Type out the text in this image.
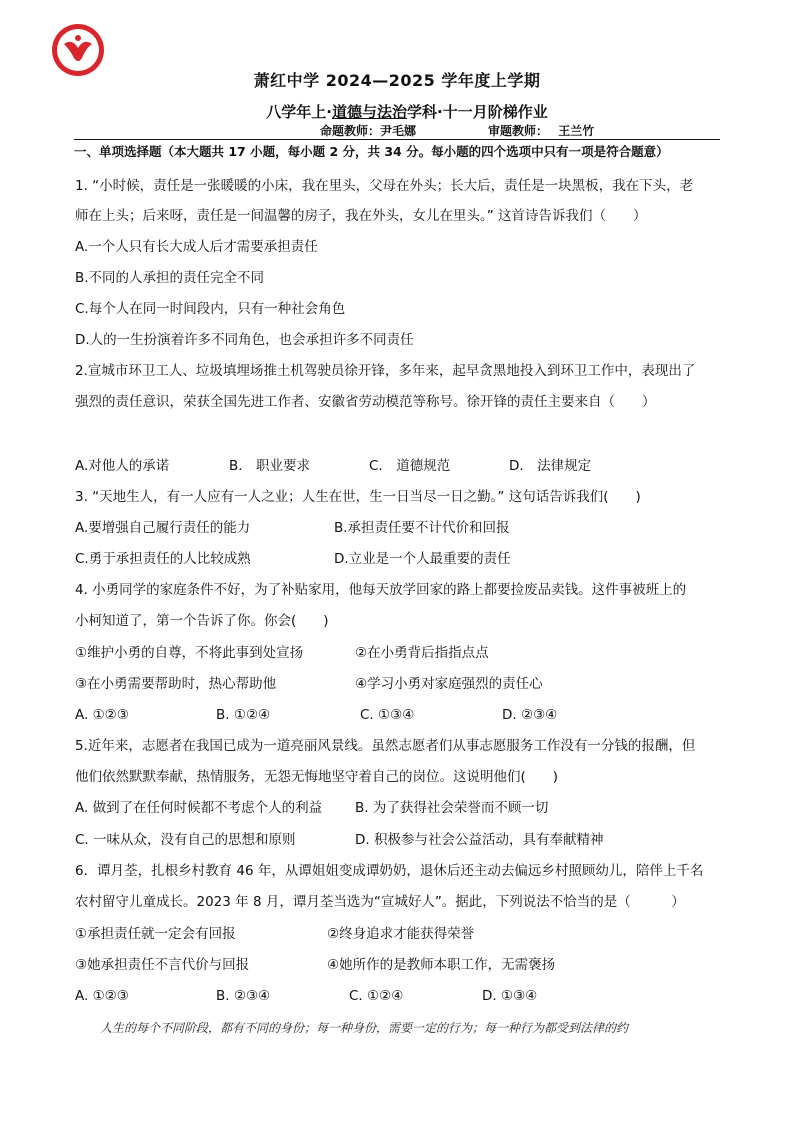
萧红中学 2024—2025 学年度上学期
八学年上·道德与法治学科·十一月阶梯作业
命题教师：尹毛娜	审题教师： 王兰竹
一、单项选择题（本大题共 17 小题，每小题 2 分，共 34 分。每小题的四个选项中只有一项是符合题意）
1. “小时候，责任是一张暖暖的小床，我在里头，父母在外头；长大后，责任是一块黑板，我在下头，老
师在上头；后来呀，责任是一间温馨的房子，我在外头，女儿在里头。” 这首诗告诉我们（　　）
A.一个人只有长大成人后才需要承担责任
B.不同的人承担的责任完全不同
C.每个人在同一时间段内，只有一种社会角色
D.人的一生扮演着许多不同角色，也会承担许多不同责任
2.宣城市环卫工人、垃圾填埋场推土机驾驶员徐开锋，多年来，起早贪黑地投入到环卫工作中，表现出了
强烈的责任意识，荣获全国先进工作者、安徽省劳动模范等称号。徐开锋的责任主要来自（　　）
A.对他人的承诺	B.　职业要求	C.　道德规范	D.　法律规定
3. “天地生人，有一人应有一人之业；人生在世，生一日当尽一日之勤。” 这句话告诉我们(　　)
A.要增强自己履行责任的能力	B.承担责任要不计代价和回报
C.勇于承担责任的人比较成熟	D.立业是一个人最重要的责任
4. 小勇同学的家庭条件不好，为了补贴家用，他每天放学回家的路上都要捡废品卖钱。这件事被班上的
小柯知道了，第一个告诉了你。你会(　　)
①维护小勇的自尊，不将此事到处宣扬	②在小勇背后指指点点
③在小勇需要帮助时，热心帮助他	④学习小勇对家庭强烈的责任心
A. ①②③	B. ①②④	C. ①③④	D. ②③④
5.近年来，志愿者在我国已成为一道亮丽风景线。虽然志愿者们从事志愿服务工作没有一分钱的报酬，但
他们依然默默奉献，热情服务，无怨无悔地坚守着自己的岗位。这说明他们(　　)
A. 做到了在任何时候都不考虑个人的利益 B. 为了获得社会荣誉而不顾一切
C. 一味从众，没有自己的思想和原则	D. 积极参与社会公益活动，具有奉献精神
6．谭月荃，扎根乡村教育 46 年，从谭姐姐变成谭奶奶，退休后还主动去偏远乡村照顾幼儿，陪伴上千名
农村留守儿童成长。2023 年 8 月，谭月荃当选为“宣城好人”。据此，下列说法不恰当的是（　　　）
①承担责任就一定会有回报	②终身追求才能获得荣誉
③她承担责任不言代价与回报	④她所作的是教师本职工作，无需褒扬
A. ①②③	B. ②③④	C. ①②④	D. ①③④
人生的每个不同阶段，都有不同的身份；每一种身份，需要一定的行为；每一种行为都受到法律的约
